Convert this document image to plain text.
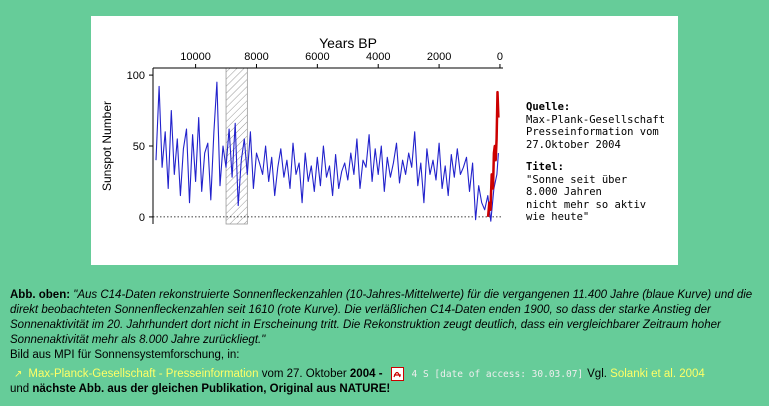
10000	8000	6000	4000	2000	0
0
50
100
Years BP
Sunspot Number	Quelle:
Max-Plank-Gesellschaft
Presseinformation vom
27.Oktober 2004
Titel:
"Sonne seit über
8.000 Jahren
nicht mehr so aktiv
wie heute"
Abb. oben: "Aus C14-Daten rekonstruierte Sonnenfleckenzahlen (10-Jahres-Mittelwerte) für die vergangenen 11.400 Jahre (blaue Kurve) und die direkt beobachteten Sonnenfleckenzahlen seit 1610 (rote Kurve). Die verläßlichen C14-Daten enden 1900, so dass der starke Anstieg der Sonnenaktivität im 20. Jahrhundert dort nicht in Erscheinung tritt. Die Rekonstruktion zeugt deutlich, dass ein vergleichbarer Zeitraum hoher Sonnenaktivität mehr als 8.000 Jahre zurückliegt."
Bild aus MPI für Sonnensystemforschung, in:
↗ Max-Planck-Gesellschaft - Presseinformation
vom 27. Oktober
2004
-	4 S [date of access: 30.03.07] Vgl.
Solanki et al. 2004
und nächste Abb. aus der gleichen Publikation, Original aus NATURE!
